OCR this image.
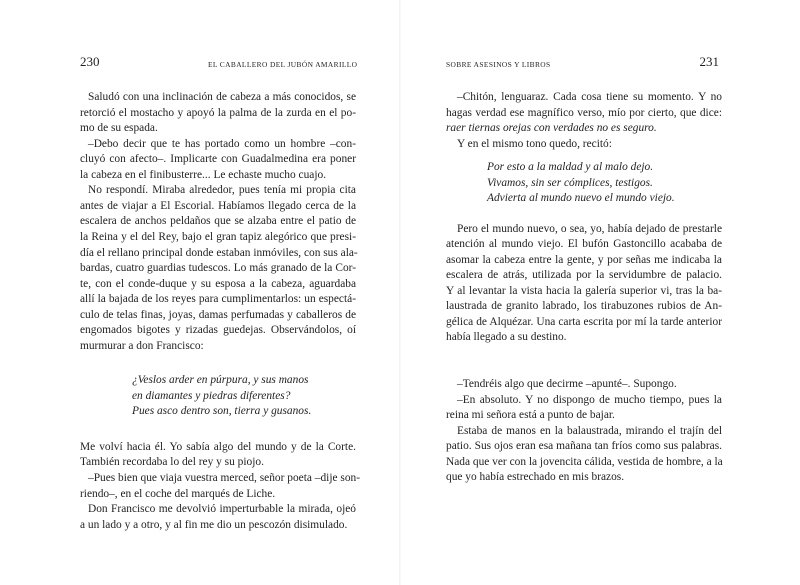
230	EL CABALLERO DEL JUBÓN AMARILLO
Saludó con una inclinación de cabeza a más conocidos, se
retorció el mostacho y apoyó la palma de la zurda en el po-
mo de su espada.
–Debo decir que te has portado como un hombre –con-
cluyó con afecto–. Implicarte con Guadalmedina era poner
la cabeza en el finibusterre... Le echaste mucho cuajo.
No respondí. Miraba alrededor, pues tenía mi propia cita
antes de viajar a El Escorial. Habíamos llegado cerca de la
escalera de anchos peldaños que se alzaba entre el patio de
la Reina y el del Rey, bajo el gran tapiz alegórico que presi-
día el rellano principal donde estaban inmóviles, con sus ala-
bardas, cuatro guardias tudescos. Lo más granado de la Cor-
te, con el conde-duque y su esposa a la cabeza, aguardaba
allí la bajada de los reyes para cumplimentarlos: un espectá-
culo de telas finas, joyas, damas perfumadas y caballeros de
engomados bigotes y rizadas guedejas. Observándolos, oí
murmurar a don Francisco:
¿Veslos arder en púrpura, y sus manos
en diamantes y piedras diferentes?
Pues asco dentro son, tierra y gusanos.
Me volví hacia él. Yo sabía algo del mundo y de la Corte.
También recordaba lo del rey y su piojo.
–Pues bien que viaja vuestra merced, señor poeta –dije son-
riendo–, en el coche del marqués de Liche.
Don Francisco me devolvió imperturbable la mirada, ojeó
a un lado y a otro, y al fin me dio un pescozón disimulado.
SOBRE ASESINOS Y LIBROS	231
–Chitón, lenguaraz. Cada cosa tiene su momento. Y no
hagas verdad ese magnífico verso, mío por cierto, que dice:
raer tiernas orejas con verdades no es seguro.
Y en el mismo tono quedo, recitó:
Por esto a la maldad y al malo dejo.
Vivamos, sin ser cómplices, testigos.
Advierta al mundo nuevo el mundo viejo.
Pero el mundo nuevo, o sea, yo, había dejado de prestarle
atención al mundo viejo. El bufón Gastoncillo acababa de
asomar la cabeza entre la gente, y por señas me indicaba la
escalera de atrás, utilizada por la servidumbre de palacio.
Y al levantar la vista hacia la galería superior vi, tras la ba-
laustrada de granito labrado, los tirabuzones rubios de An-
gélica de Alquézar. Una carta escrita por mí la tarde anterior
había llegado a su destino.
–Tendréis algo que decirme –apunté–. Supongo.
–En absoluto. Y no dispongo de mucho tiempo, pues la
reina mi señora está a punto de bajar.
Estaba de manos en la balaustrada, mirando el trajín del
patio. Sus ojos eran esa mañana tan fríos como sus palabras.
Nada que ver con la jovencita cálida, vestida de hombre, a la
que yo había estrechado en mis brazos.
